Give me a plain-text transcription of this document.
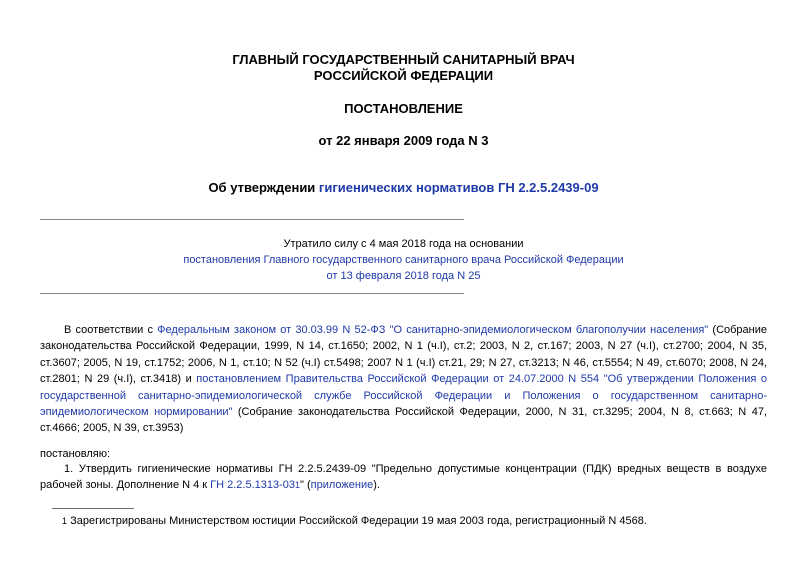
ГЛАВНЫЙ ГОСУДАРСТВЕННЫЙ САНИТАРНЫЙ ВРАЧ
РОССИЙСКОЙ ФЕДЕРАЦИИ
ПОСТАНОВЛЕНИЕ
от 22 января 2009 года N 3
Об утверждении гигиенических нормативов ГН 2.2.5.2439-09
Утратило силу с 4 мая 2018 года на основании
постановления Главного государственного санитарного врача Российской Федерации
от 13 февраля 2018 года N 25
В соответствии с Федеральным законом от 30.03.99 N 52-ФЗ "О санитарно-эпидемиологическом благополучии населения" (Собрание законодательства Российской Федерации, 1999, N 14, ст.1650; 2002, N 1 (ч.I), ст.2; 2003, N 2, ст.167; 2003, N 27 (ч.I), ст.2700; 2004, N 35, ст.3607; 2005, N 19, ст.1752; 2006, N 1, ст.10; N 52 (ч.I) ст.5498; 2007 N 1 (ч.I) ст.21, 29; N 27, ст.3213; N 46, ст.5554; N 49, ст.6070; 2008, N 24, ст.2801; N 29 (ч.I), ст.3418) и постановлением Правительства Российской Федерации от 24.07.2000 N 554 "Об утверждении Положения о государственной санитарно-эпидемиологической службе Российской Федерации и Положения о государственном санитарно-эпидемиологическом нормировании" (Собрание законодательства Российской Федерации, 2000, N 31, ст.3295; 2004, N 8, ст.663; N 47, ст.4666; 2005, N 39, ст.3953)
постановляю:
1. Утвердить гигиенические нормативы ГН 2.2.5.2439-09 "Предельно допустимые концентрации (ПДК) вредных веществ в воздухе рабочей зоны. Дополнение N 4 к ГН 2.2.5.1313-031" (приложение).
1 Зарегистрированы Министерством юстиции Российской Федерации 19 мая 2003 года, регистрационный N 4568.
